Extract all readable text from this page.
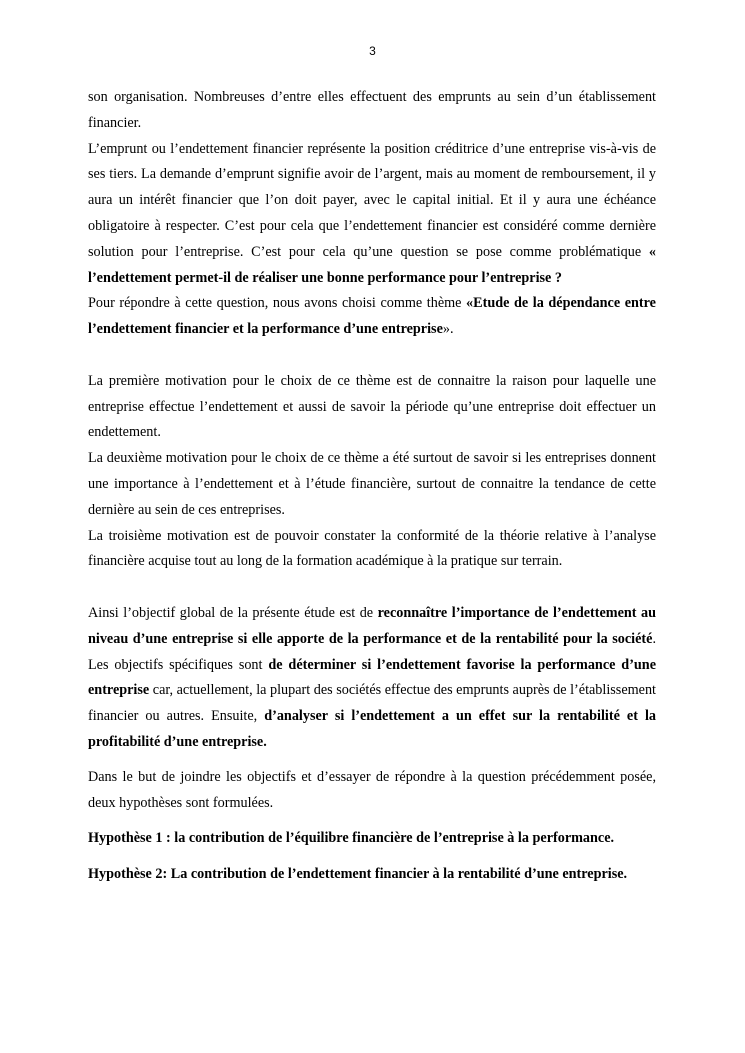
3

son organisation. Nombreuses d’entre elles effectuent des emprunts au sein d’un établissement financier.

L’emprunt ou l’endettement financier représente la position créditrice d’une entreprise vis-à-vis de ses tiers. La demande d’emprunt signifie avoir de l’argent, mais au moment de remboursement, il y aura un intérêt financier que l’on doit payer, avec le capital initial. Et il y aura une échéance obligatoire à respecter. C’est pour cela que l’endettement financier est considéré comme dernière solution pour l’entreprise. C’est pour cela qu’une question se pose comme problématique « l’endettement permet-il de réaliser une bonne performance pour l’entreprise ?

Pour répondre à cette question, nous avons choisi comme thème «Etude de la dépendance entre l’endettement financier et la performance d’une entreprise».

La première motivation pour le choix de ce thème est de connaitre la raison pour laquelle une entreprise effectue l’endettement et aussi de savoir la période qu’une entreprise doit effectuer un endettement.

La deuxième motivation pour le choix de ce thème a été surtout de savoir si les entreprises donnent une importance à l’endettement et à l’étude financière, surtout de connaitre la tendance de cette dernière au sein de ces entreprises.

La troisième motivation est de pouvoir constater la conformité de la théorie relative à l’analyse financière acquise tout au long de la formation académique à la pratique sur terrain.

Ainsi l’objectif global de la présente étude est de reconnaître l’importance de l’endettement au niveau d’une entreprise si elle apporte de la performance et de la rentabilité pour la société. Les objectifs spécifiques sont de déterminer si l’endettement favorise la performance d’une entreprise car, actuellement, la plupart des sociétés effectue des emprunts auprès de l’établissement financier ou autres. Ensuite, d’analyser si l’endettement a un effet sur la rentabilité et la profitabilité d’une entreprise.

Dans le but de joindre les objectifs et d’essayer de répondre à la question précédemment posée, deux hypothèses sont formulées.

Hypothèse 1 : la contribution de l’équilibre financière de l’entreprise à la performance.

Hypothèse 2: La contribution de l’endettement financier à la rentabilité d’une entreprise.
